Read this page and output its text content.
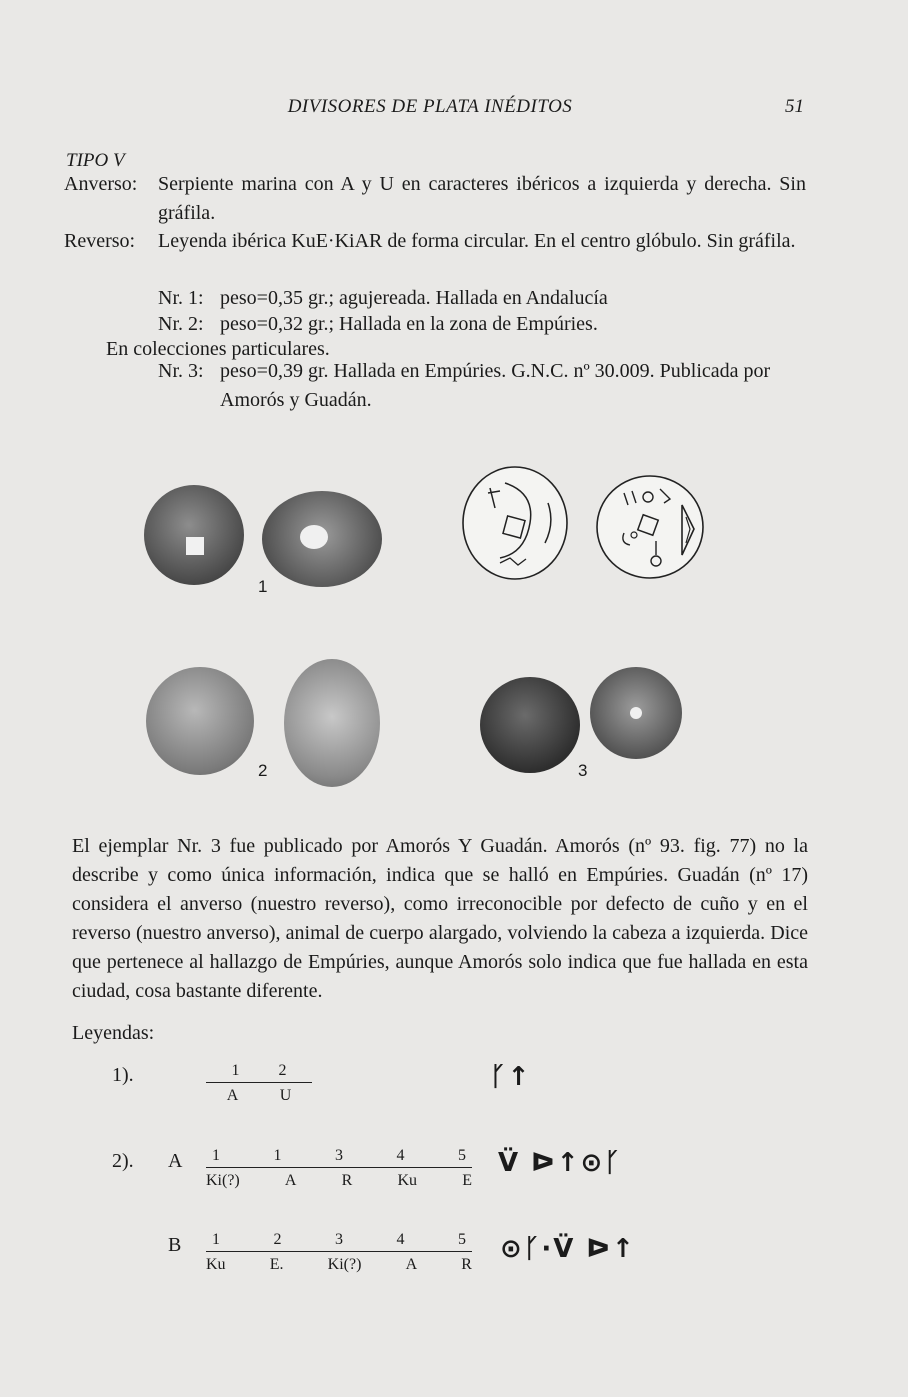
DIVISORES DE PLATA INÉDITOS	51
TIPO V
Anverso: Serpiente marina con A y U en caracteres ibéricos a izquierda y derecha. Sin gráfila.
Reverso: Leyenda ibérica KuE·KiAR de forma circular. En el centro glóbulo. Sin gráfila.
Nr. 1: peso=0,35 gr.; agujereada. Hallada en Andalucía
Nr. 2: peso=0,32 gr.; Hallada en la zona de Empúries.
En colecciones particulares.
Nr. 3: peso=0,39 gr. Hallada en Empúries. G.N.C. nº 30.009. Publicada por Amorós y Guadán.
1
2	3
El ejemplar Nr. 3 fue publicado por Amorós Y Guadán. Amorós (nº 93. fig. 77) no la describe y como única información, indica que se halló en Empúries. Guadán (nº 17) considera el anverso (nuestro reverso), como irreconocible por defecto de cuño y en el reverso (nuestro anverso), animal de cuerpo alargado, volviendo la cabeza a izquierda. Dice que pertenece al hallazgo de Empúries, aunque Amorós solo indica que fue hallada en esta ciudad, cosa bastante diferente.
Leyendas:
1).	1 2
A	U	ᚴ↑
2). A 1	1	3	4	5
Ki(?)	A	R	Ku	E V̈ ᐅ↑⊙ᚴ
B 1	2	3	4	5
Ku	E.	Ki(?)	A	R ⊙ᚴ·V̈ ᐅ↑
